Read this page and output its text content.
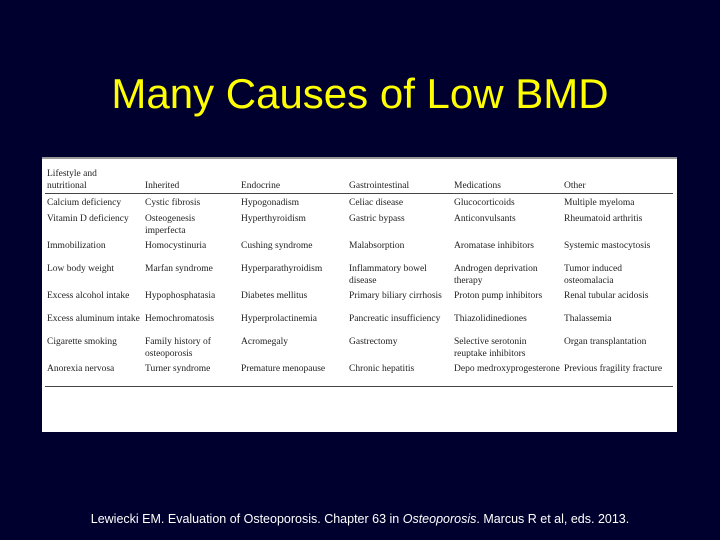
Many Causes of Low BMD
Lifestyle and
nutritional	Inherited	Endocrine	Gastrointestinal	Medications	Other
Calcium deficiency	Cystic fibrosis	Hypogonadism	Celiac disease	Glucocorticoids	Multiple myeloma
Vitamin D deficiency	Osteogenesis imperfecta	Hyperthyroidism	Gastric bypass	Anticonvulsants	Rheumatoid arthritis
Immobilization	Homocystinuria	Cushing syndrome	Malabsorption	Aromatase inhibitors	Systemic mastocytosis
Low body weight	Marfan syndrome	Hyperparathyroidism	Inflammatory bowel disease	Androgen deprivation therapy	Tumor induced osteomalacia
Excess alcohol intake	Hypophosphatasia	Diabetes mellitus	Primary biliary cirrhosis	Proton pump inhibitors	Renal tubular acidosis
Excess aluminum intake	Hemochromatosis	Hyperprolactinemia	Pancreatic insufficiency	Thiazolidinediones	Thalassemia
Cigarette smoking	Family history of osteoporosis	Acromegaly	Gastrectomy	Selective serotonin reuptake inhibitors	Organ transplantation
Anorexia nervosa	Turner syndrome	Premature menopause	Chronic hepatitis	Depo medroxyprogesterone	Previous fragility fracture
Lewiecki EM. Evaluation of Osteoporosis. Chapter 63 in Osteoporosis. Marcus R et al, eds. 2013.
